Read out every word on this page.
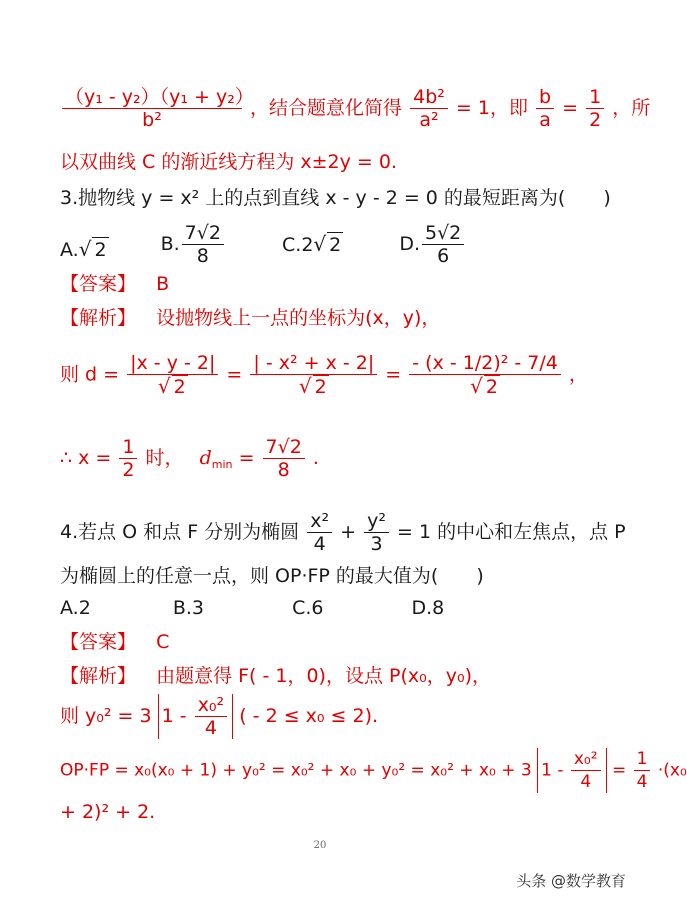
$\frac{\text{（y₁ - y₂）（y₁ + y₂）}}{\text{b²}}$ ，结合题意化简得 $\frac{\text{4b²}}{\text{a²}} = 1$，即 $\frac{b}{a} = \frac{1}{2}$ ，所
以双曲线 C 的渐近线方程为 x±2y = 0.
3.抛物线 y = x² 上的点到直线 x - y - 2 = 0 的最短距离为(　　)
A.√ 2	B. $\frac{7√2}{8}$	C.2√ 2	D. $\frac{5√2}{6}$
【答案】 B
【解析】 设抛物线上一点的坐标为(x，y)，
则 $d = \frac{|x - y - 2|}{√ 2} = \frac{\text{| - x² + x - 2|}}{√ 2} = \frac{\text{- (x - 1/2)² - 7/4}}{√ 2}$ ，
∴ $x = \frac{1}{2}$ 时， $d_{min} = \frac{7√2}{8}$ .
4.若点 O 和点 F 分别为椭圆 $\frac{\text{x²}}{4} + \frac{\text{y²}}{3} = 1$ 的中心和左焦点，点 P
为椭圆上的任意一点，则 OP·FP 的最大值为(　　)
A.2	B.3	C.6	D.8
【答案】 C
【解析】 由题意得 F( - 1，0)，设点 P(x₀，y₀)，
则 y₀² = 3 $1 - \frac{\text{x₀²}}{4}$ ( - 2 ≤ x₀ ≤ 2).
OP·FP = x₀(x₀ + 1) + y₀² = x₀² + x₀ + y₀² = x₀² + x₀ + 3 $1 - \frac{\text{x₀²}}{4} = \frac{1}{4} \cdot(x_0$
+ 2)² + 2.
20
头条 @数学教育
